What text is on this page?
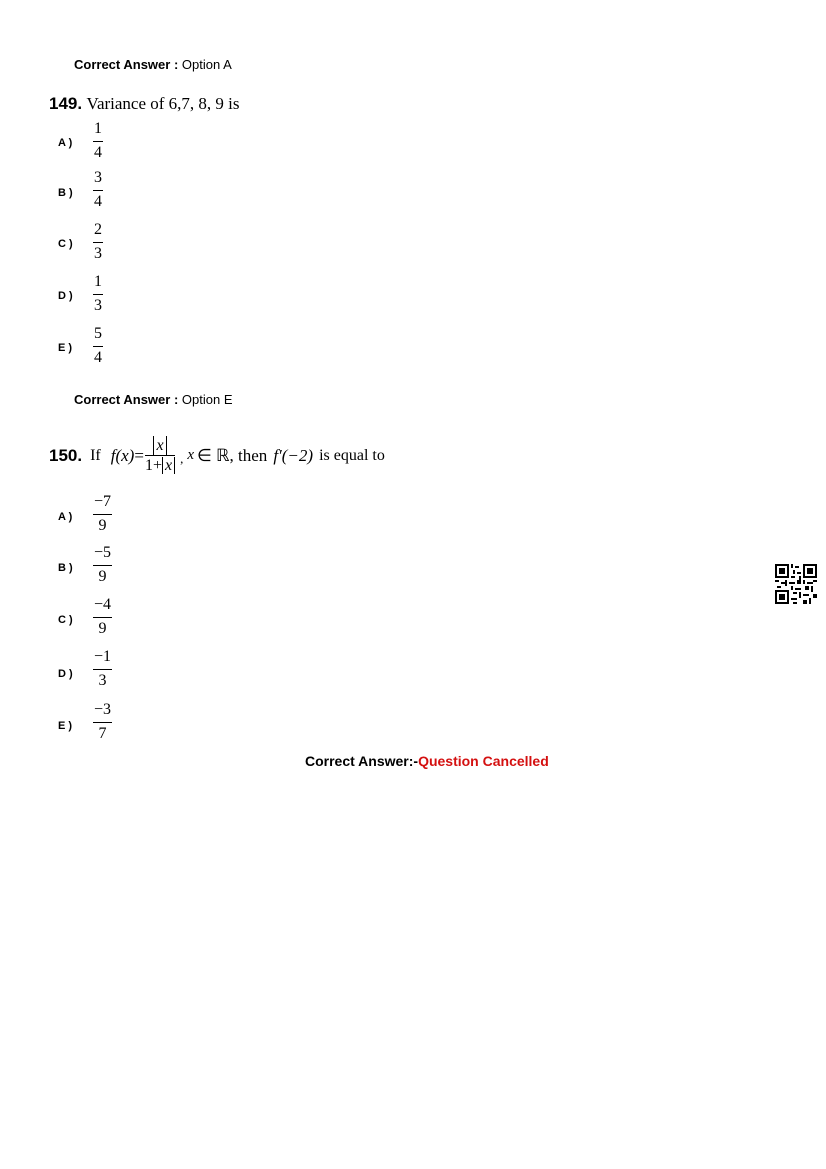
Correct Answer : Option A
149. Variance of 6,7, 8, 9 is
A )
1
4
B )
3
4
C )
2
3
D )
1
3
E )
5
4
Correct Answer : Option E
150. If $f(x) = \frac{x}{1+ x}$ , x ∈ ℝ , then f′(−2) is equal to
A )
−7
9
B )
−5
9
C )
−4
9
D )
−1
3
E )
−3
7
Correct Answer:-Question Cancelled
